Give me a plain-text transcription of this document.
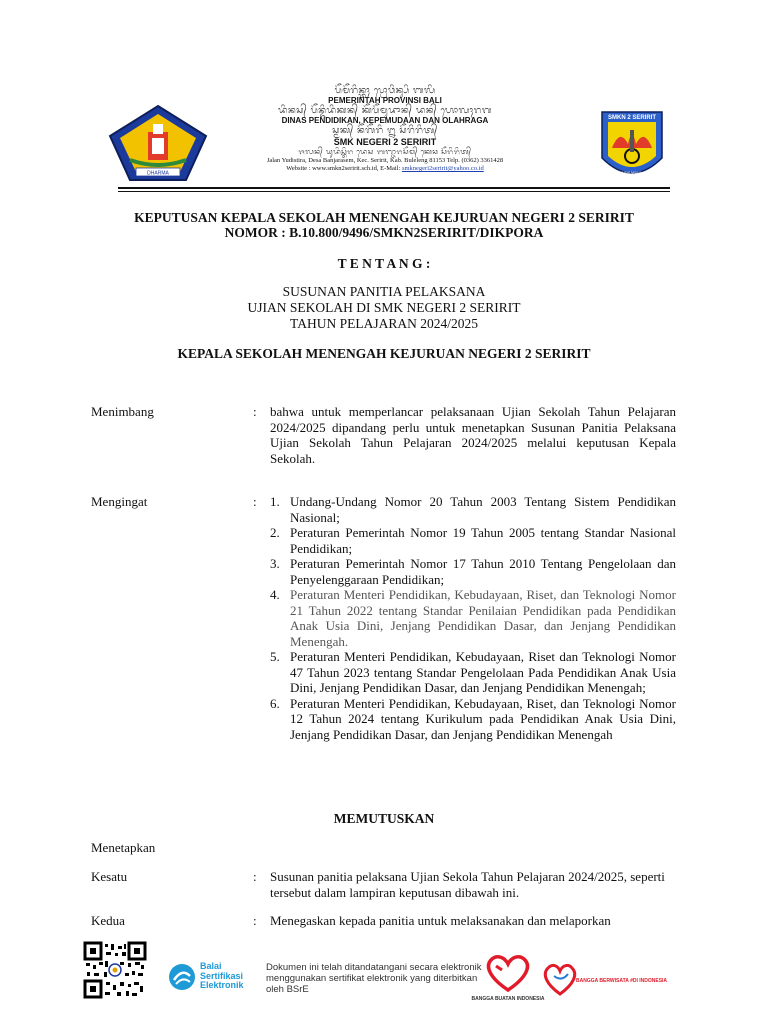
DHARMA
ᬧᭂᬫᭂᬭᬶᬦ᭄ᬢᬄ ᬧ᭄ᬭᭀᬯᬶᬦ᭄ᬲᬶ ᬩᬮᬶ
PEMERINTAH PROVINSI BALI
ᬤᬶᬦᬲ᭄ ᬧᭂᬦ᭄ᬤᬶᬤᬶᬓᬦ᭄ ᬓᭂᬧᭂᬫᬸᬤᬵᬦ᭄ ᬤᬦ᭄ ᬳᭀᬮᬄᬭᬕ
DINAS PENDIDIKAN, KEPEMUDAAN DAN OLAHRAGA
ᬲ᭄ᬫᬓ᭄ ᬦᭂᬕᭂᬭᬶ ᭒ ᬲᭂᬭᬶᬭᬶᬢ᭄
SMK NEGERI 2 SERIRIT
ᬚᬮᬦ᭄ ᬬᬸᬤᬶᬲ᭄ᬢᬶᬭ ᬤᬾᬲ ᬩᬜ᭄ᬚᬭᬲᭂᬫ᭄ ᬓᬾᬘ ᬲᭂᬭᬶᬭᬶᬢ᭄
Jalan Yudistira, Desa Banjarasem, Kec. Seririt, Kab. Buleleng 81153 Telp. (0362) 3361428
Website : www.smkn2seririt.sch.id, E-Mail: smknegeri2seririt@yahoo.co.id
SMKN 2 SERIRIT
AMERTA BHUWANA UTAMA
KEPUTUSAN KEPALA SEKOLAH MENENGAH KEJURUAN NEGERI 2 SERIRIT
NOMOR : B.10.800/9496/SMKN2SERIRIT/DIKPORA
T E N T A N G :
SUSUNAN PANITIA PELAKSANA
UJIAN SEKOLAH DI SMK NEGERI 2 SERIRIT
TAHUN PELAJARAN 2024/2025
KEPALA SEKOLAH MENENGAH KEJURUAN NEGERI 2 SERIRIT
Menimbang	: bahwa untuk memperlancar pelaksanaan Ujian Sekolah Tahun Pelajaran 2024/2025 dipandang perlu untuk menetapkan Susunan Panitia Pelaksana Ujian Sekolah Tahun Pelajaran 2024/2025 melalui keputusan Kepala Sekolah.
Mengingat	: 1. Undang-Undang Nomor 20 Tahun 2003 Tentang Sistem Pendidikan Nasional;
2. Peraturan Pemerintah Nomor 19 Tahun 2005 tentang Standar Nasional Pendidikan;
3. Peraturan Pemerintah Nomor 17 Tahun 2010 Tentang Pengelolaan dan Penyelenggaraan Pendidikan;
4. Peraturan Menteri Pendidikan, Kebudayaan, Riset, dan Teknologi Nomor 21 Tahun 2022 tentang Standar Penilaian Pendidikan pada Pendidikan Anak Usia Dini, Jenjang Pendidikan Dasar, dan Jenjang Pendidikan Menengah.
5. Peraturan Menteri Pendidikan, Kebudayaan, Riset dan Teknologi Nomor 47 Tahun 2023 tentang Standar Pengelolaan Pada Pendidikan Anak Usia Dini, Jenjang Pendidikan Dasar, dan Jenjang Pendidikan Menengah;
6. Peraturan Menteri Pendidikan, Kebudayaan, Riset, dan Teknologi Nomor 12 Tahun 2024 tentang Kurikulum pada Pendidikan Anak Usia Dini, Jenjang Pendidikan Dasar, dan Jenjang Pendidikan Menengah
MEMUTUSKAN
Menetapkan
Kesatu	: Susunan panitia pelaksana Ujian Sekola Tahun Pelajaran 2024/2025, seperti tersebut dalam lampiran keputusan dibawah ini.
Kedua	: Menegaskan kepada panitia untuk melaksanakan dan melaporkan
Balai
Sertifikasi
Elektronik
Dokumen ini telah ditandatangani secara elektronik menggunakan sertifikat elektronik yang diterbitkan oleh BSrE
BANGGA BUATAN INDONESIA
BANGGA BERWISATA #DI INDONESIA
